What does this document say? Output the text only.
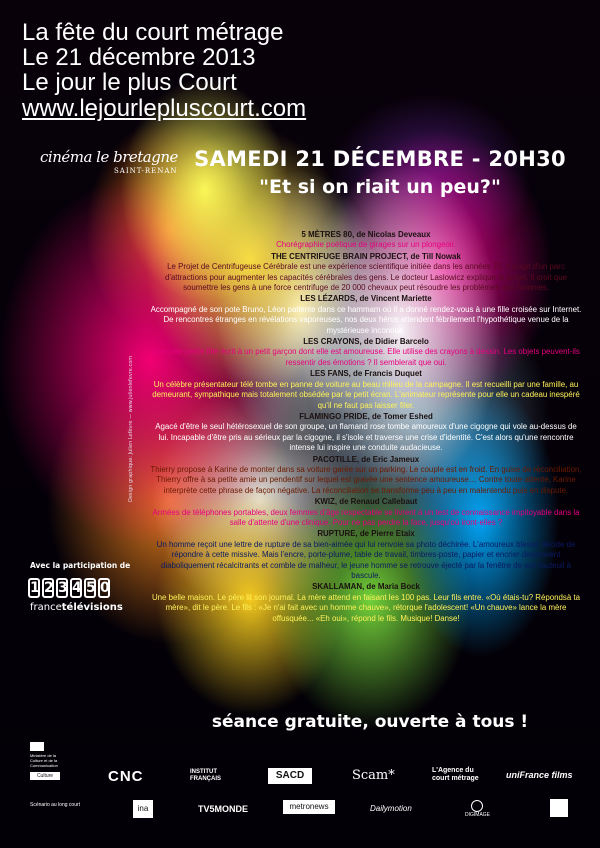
La fête du court métrage
Le 21 décembre 2013
Le jour le plus Court
www.lejourlepluscourt.com
cinéma le bretagne
SAINT-RENAN SAMEDI 21 DÉCEMBRE - 20H30
"Et si on riait un peu?"
5 MÈTRES 80, de Nicolas Deveaux

Chorégraphie poétique de girages sur un plongeoir.

THE CENTRIFUGE BRAIN PROJECT, de Till Nowak

Le Projet de Centrifugeuse Cérébrale est une expérience scientifique initiée dans les années 70. Il s'agit d'un parc d'attractions pour augmenter les capacités cérébrales des gens. Le docteur Laslowicz explique le projet. Il croit que soumettre les gens à une force centrifuge de 20 000 chevaux peut résoudre les problèmes des hommes.

LES LÉZARDS, de Vincent Mariette

Accompagné de son pote Bruno, Léon patiente dans ce hammam où il a donné rendez-vous à une fille croisée sur Internet. De rencontres étranges en révélations vaporeuses, nos deux héros attendent fébrilement l'hypothétique venue de la mystérieuse inconnue.

LES CRAYONS, de Didier Barcelo

Une jolie petite fille écrit à un petit garçon dont elle est amoureuse. Elle utilise des crayons à dessin. Les objets peuvent-ils ressentir des émotions ? Il semblerait que oui.

LES FANS, de Francis Duquet

Un célèbre présentateur télé tombe en panne de voiture au beau milieu de la campagne. Il est recueilli par une famille, au demeurant, sympathique mais totalement obsédée par le petit écran. L'animateur représente pour elle un cadeau inespéré qu'il ne faut pas laisser filer.

FLAMINGO PRIDE, de Tomer Eshed

Agacé d'être le seul hétérosexuel de son groupe, un flamand rose tombe amoureux d'une cigogne qui vole au-dessus de lui. Incapable d'être pris au sérieux par la cigogne, il s'isole et traverse une crise d'identité. C'est alors qu'une rencontre intense lui inspire une conduite audacieuse.

PACOTILLE, de Eric Jameux

Thierry propose à Karine de monter dans sa voiture garée sur un parking. Le couple est en froid. En guise de réconciliation, Thierry offre à sa petite amie un pendentif sur lequel est gravée une sentence amoureuse… Contre toute attente, Karine interprète cette phrase de façon négative. La réconciliation se transforme peu à peu en malentendu puis en dispute.

KWIZ, de Renaud Callebaut

Armées de téléphones portables, deux femmes d'âge respectable se livrent à un test de connaissance impitoyable dans la salle d'attente d'une clinique. Pour ne pas perdre la face, jusqu'où iront-elles ?

RUPTURE, de Pierre Etaix

Un homme reçoit une lettre de rupture de sa bien-aimée qui lui renvoie sa photo déchirée. L'amoureux blessé décide de répondre à cette missive. Mais l'encre, porte-plume, table de travail, timbres-poste, papier et encrier deviennent diaboliquement récalcitrants et comble de malheur, le jeune homme se retrouve éjecté par la fenêtre de son fauteuil à bascule.

SKALLAMAN, de Maria Bock

Une belle maison. Le père lit son journal. La mère attend en faisant les 100 pas. Leur fils entre. «Où étais-tu? Répondsà ta mère», dit le père. Le fils : «Je n'ai fait avec un homme chauve», rétorque l'adolescent! «Un chauve» lance la mère offusquée... «Eh oui», répond le fils. Musique! Danse!

Design graphique: Julien Lefèvre — www.julienlefevre.com
Avec la participation de
1 2 3 4 5 0
francetélévisions
séance gratuite, ouverte à tous !
Ministère de la Culture et de la Communication
Culture	CNC	INSTITUT FRANÇAIS	SACD	Scam*	L'Agence du court métrage	uniFrance films
Scénario au long court	ina	TV5MONDE	metronews	Dailymotion
DIGIMAGE
